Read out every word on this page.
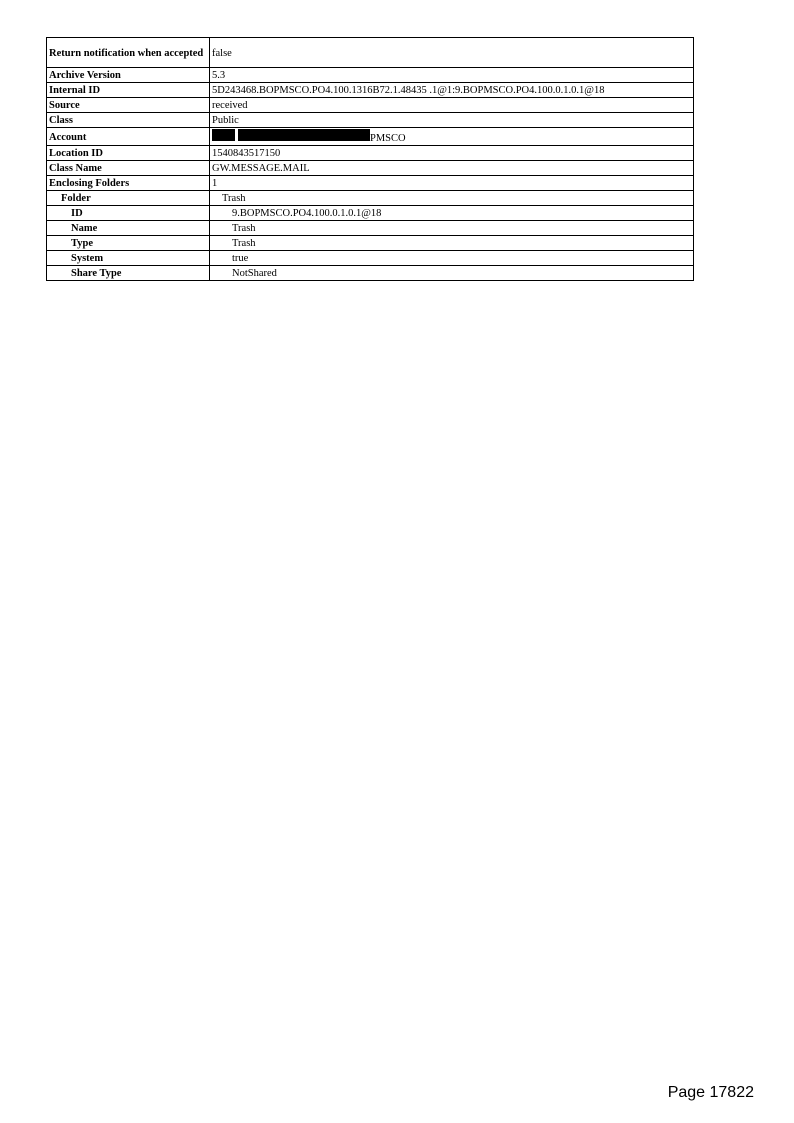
Return notification when accepted	false
Archive Version	5.3
Internal ID	5D243468.BOPMSCO.PO4.100.1316B72.1.48435 .1@1:9.BOPMSCO.PO4.100.0.1.0.1@18
Source	received
Class	Public
Account	PMSCO
Location ID	1540843517150
Class Name	GW.MESSAGE.MAIL
Enclosing Folders	1
Folder	Trash
ID	9.BOPMSCO.PO4.100.0.1.0.1@18
Name	Trash
Type	Trash
System	true
Share Type	NotShared
Page 17822
